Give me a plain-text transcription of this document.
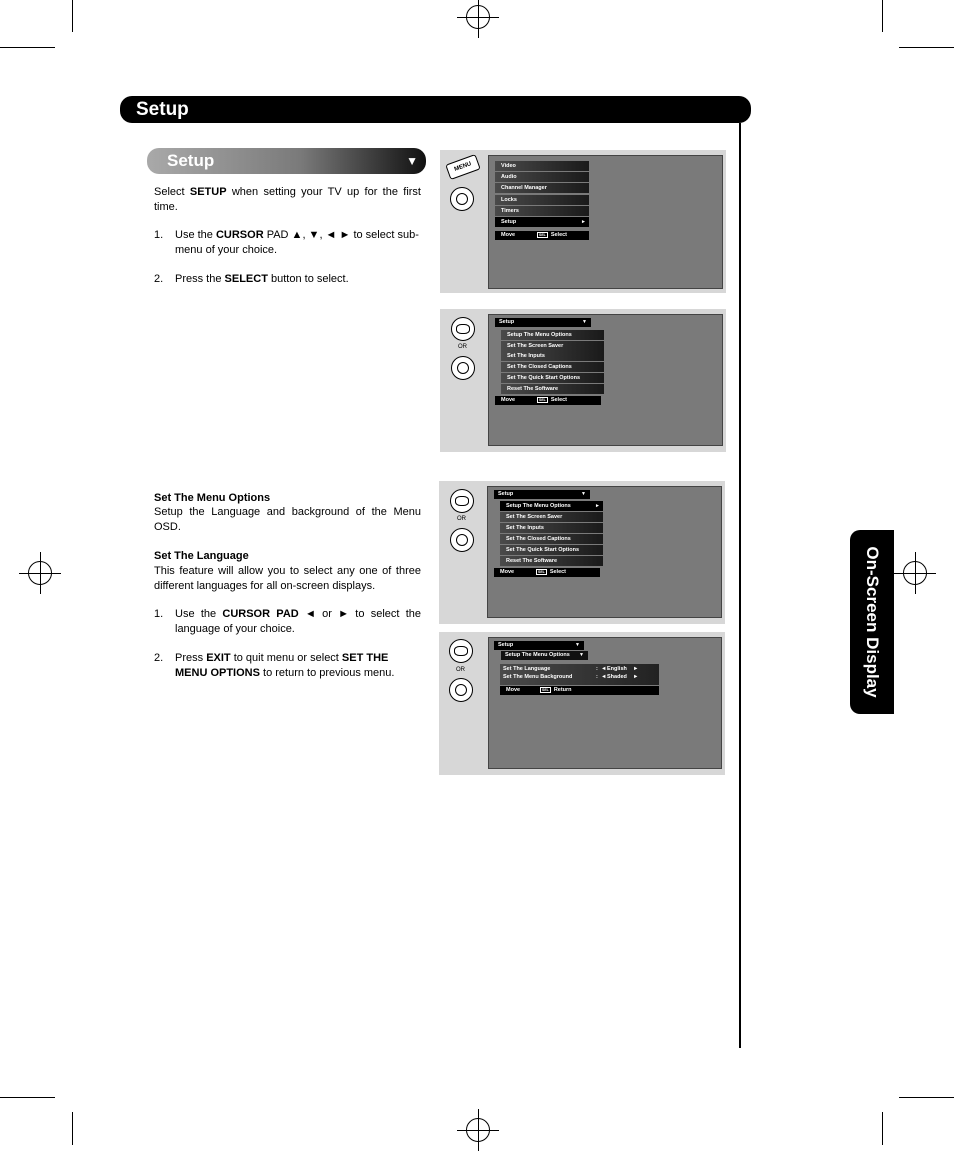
Setup
On-Screen Display
Setup	▼
Select SETUP when setting your TV up for the first time.
1. Use the CURSOR PAD ▲, ▼, ◄ ► to select sub-menu of your choice.
2. Press the SELECT button to select.
Set The Menu Options
Setup the Language and background of the Menu OSD.
Set The Language
This feature will allow you to select any one of three different languages for all on-screen displays.
1. Use the CURSOR PAD ◄ or ► to select the language of your choice.
2. Press EXIT to quit menu or select SET THE MENU OPTIONS to return to previous menu.
MENU	Video
Audio
Channel Manager
Locks
Timers
Setup	►
Move	SEL Select
OR
Setup	▼
Setup The Menu Options
Set The Screen Saver
Set The Inputs
Set The Closed Captions
Set The Quick Start Options
Reset The Software
Move	SEL Select
OR
Setup	▼
Setup The Menu Options	►
Set The Screen Saver
Set The Inputs
Set The Closed Captions
Set The Quick Start Options
Reset The Software
Move	SEL Select
OR
Setup	▼
Setup The Menu Options ▼
Set The Language	: ◄ English ►
Set The Menu Background	: ◄ Shaded ►
Move	SEL Return
